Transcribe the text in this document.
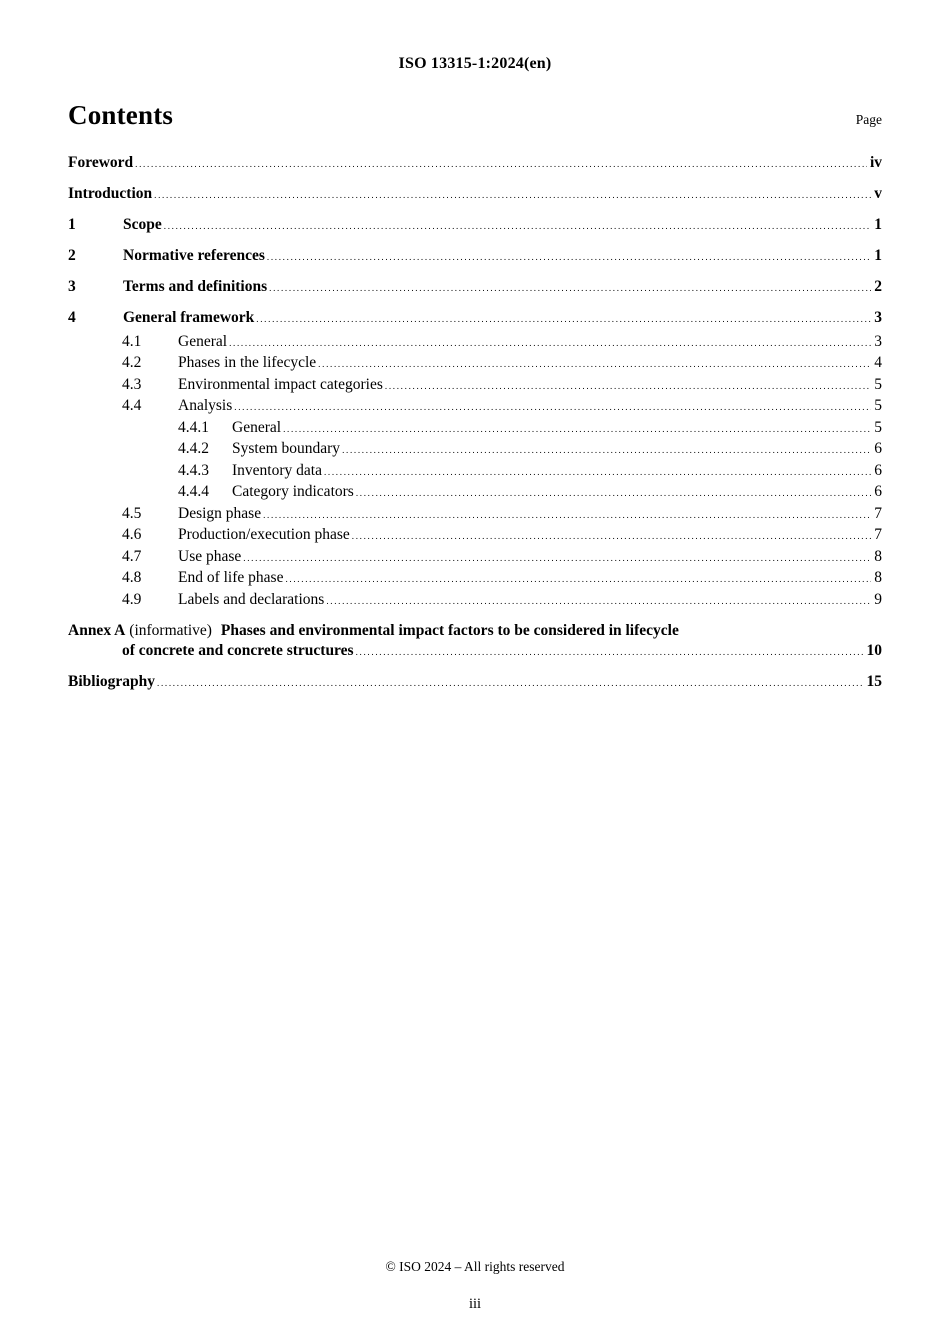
ISO 13315-1:2024(en)
Contents	Page
Foreword .....	iv
Introduction .....	v
1	Scope .....	1
2	Normative references .....	1
3	Terms and definitions .....	2
4	General framework .....	3
4.1	General .....	3
4.2	Phases in the lifecycle .....	4
4.3	Environmental impact categories .....	5
4.4	Analysis .....	5
4.4.1	General .....	5
4.4.2	System boundary .....	6
4.4.3	Inventory data .....	6
4.4.4	Category indicators .....	6
4.5	Design phase .....	7
4.6	Production/execution phase .....	7
4.7	Use phase .....	8
4.8	End of life phase .....	8
4.9	Labels and declarations .....	9
Annex A (informative) Phases and environmental impact factors to be considered in lifecycle
of concrete and concrete structures .....	10
Bibliography .....	15
© ISO 2024 – All rights reserved
iii
